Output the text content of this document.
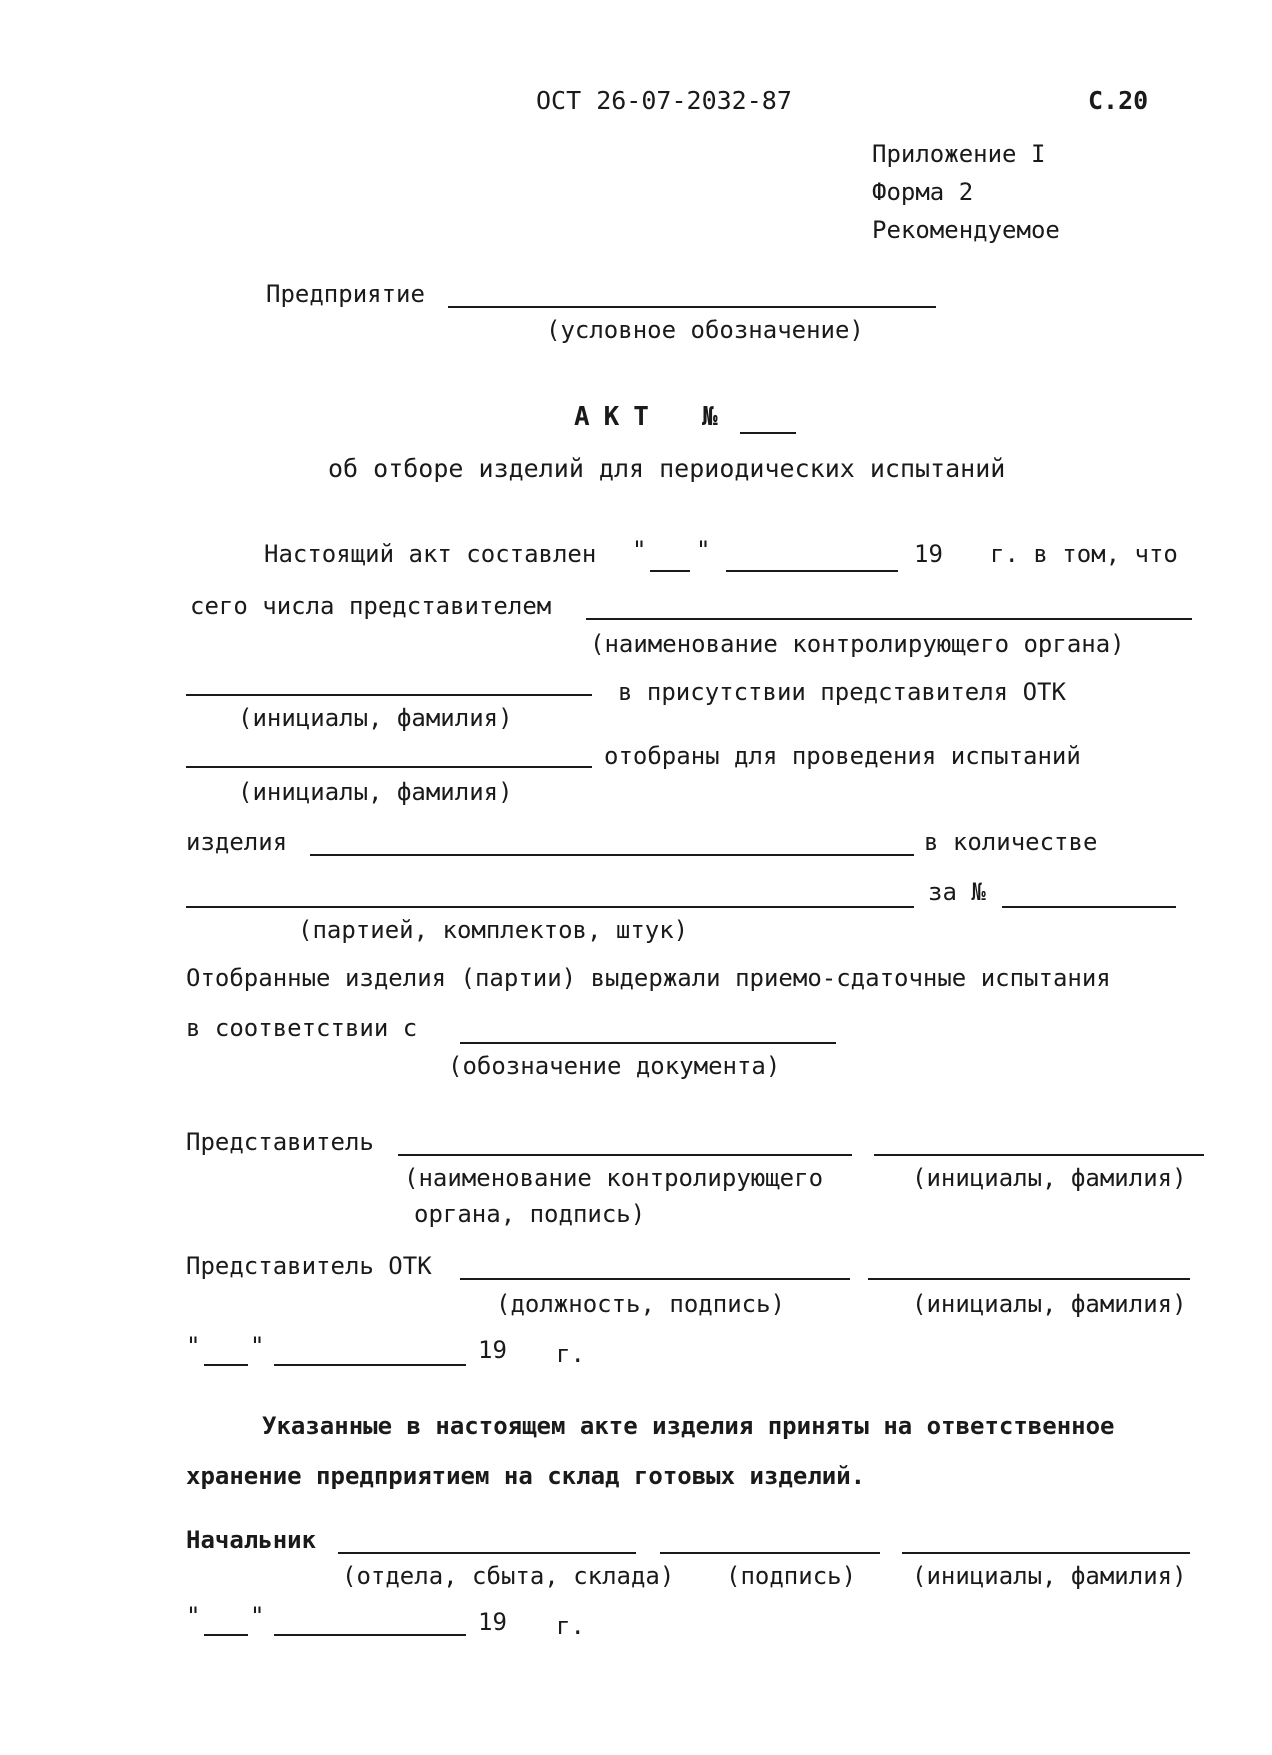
ОСТ 26-07-2032-87	С.20
Приложение I
Форма 2
Рекомендуемое
Предприятие
(условное обозначение)
АКТ №
об отборе изделий для периодических испытаний
Настоящий акт составлен " "	19 г. в том, что
сего числа представителем
(наименование контролирующего органа)
в присутствии представителя ОТК
(инициалы, фамилия)
отобраны для проведения испытаний
(инициалы, фамилия)
изделия	в количестве
за №
(партией, комплектов, штук)
Отобранные изделия (партии) выдержали приемо-сдаточные испытания
в соответствии с
(обозначение документа)
Представитель
(наименование контролирующего	(инициалы, фамилия)
органа, подпись)
Представитель ОТК
(должность, подпись)	(инициалы, фамилия)
" "	19 г.
Указанные в настоящем акте изделия приняты на ответственное
хранение предприятием на склад готовых изделий.
Начальник
(отдела, сбыта, склада) (подпись) (инициалы, фамилия)
" "	19 г.
